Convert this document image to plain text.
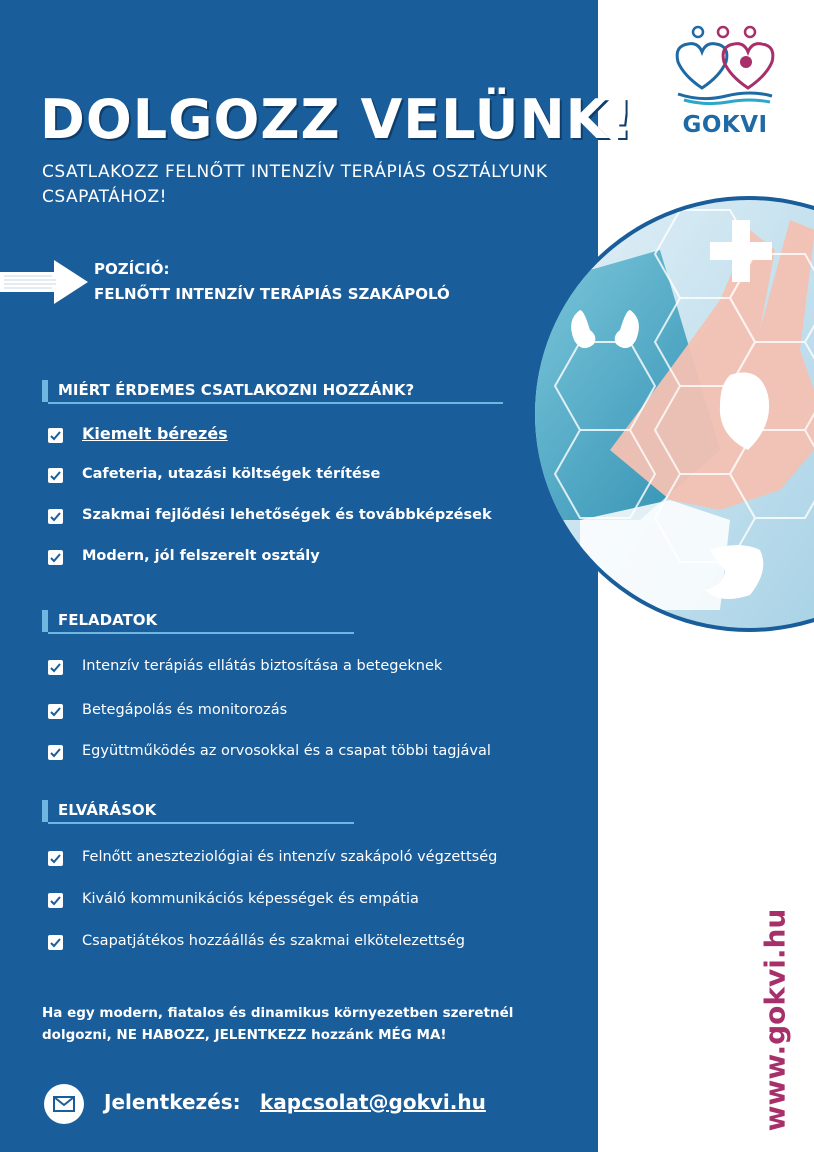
DOLGOZZ VELÜNK!
CSATLAKOZZ FELNŐTT INTENZÍV TERÁPIÁS OSZTÁLYUNK CSAPATÁHOZ!
POZÍCIÓ:
FELNŐTT INTENZÍV TERÁPIÁS SZAKÁPOLÓ
MIÉRT ÉRDEMES CSATLAKOZNI HOZZÁNK?
Kiemelt bérezés
Cafeteria, utazási költségek térítése
Szakmai fejlődési lehetőségek és továbbképzések
Modern, jól felszerelt osztály
FELADATOK
Intenzív terápiás ellátás biztosítása a betegeknek
Betegápolás és monitorozás
Együttműködés az orvosokkal és a csapat többi tagjával
ELVÁRÁSOK
Felnőtt aneszteziológiai és intenzív szakápoló végzettség
Kiváló kommunikációs képességek és empátia
Csapatjátékos hozzáállás és szakmai elkötelezettség
Ha egy modern, fiatalos és dinamikus környezetben szeretnél dolgozni, NE HABOZZ, JELENTKEZZ hozzánk MÉG MA!
Jelentkezés: kapcsolat@gokvi.hu
GOKVI
www.gokvi.hu
